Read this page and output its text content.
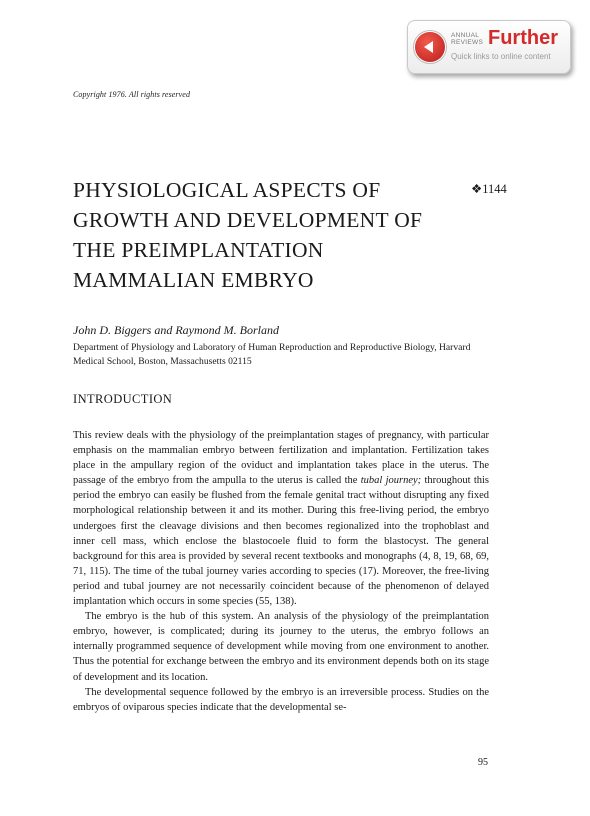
ANNUAL
REVIEWS Further
Quick links to online content
Copyright 1976. All rights reserved
PHYSIOLOGICAL ASPECTS OF
GROWTH AND DEVELOPMENT OF
THE PREIMPLANTATION
MAMMALIAN EMBRYO
❖1144
John D. Biggers and Raymond M. Borland
Department of Physiology and Laboratory of Human Reproduction and Reproductive Biology, Harvard Medical School, Boston, Massachusetts 02115
INTRODUCTION

This review deals with the physiology of the preimplantation stages of pregnancy, with particular emphasis on the mammalian embryo between fertilization and implantation. Fertilization takes place in the ampullary region of the oviduct and implantation takes place in the uterus. The passage of the embryo from the ampulla to the uterus is called the tubal journey; throughout this period the embryo can easily be flushed from the female genital tract without disrupting any fixed morphological relationship between it and its mother. During this free-living period, the embryo undergoes first the cleavage divisions and then becomes regionalized into the trophoblast and inner cell mass, which enclose the blastocoele fluid to form the blastocyst. The general background for this area is provided by several recent textbooks and monographs (4, 8, 19, 68, 69, 71, 115). The time of the tubal journey varies according to species (17). Moreover, the free-living period and tubal journey are not necessarily coincident because of the phenomenon of delayed implantation which occurs in some species (55, 138).

The embryo is the hub of this system. An analysis of the physiology of the preimplantation embryo, however, is complicated; during its journey to the uterus, the embryo follows an internally programmed sequence of development while moving from one environment to another. Thus the potential for exchange between the embryo and its environment depends both on its stage of development and its location.

The developmental sequence followed by the embryo is an irreversible process. Studies on the embryos of oviparous species indicate that the developmental se-

95
